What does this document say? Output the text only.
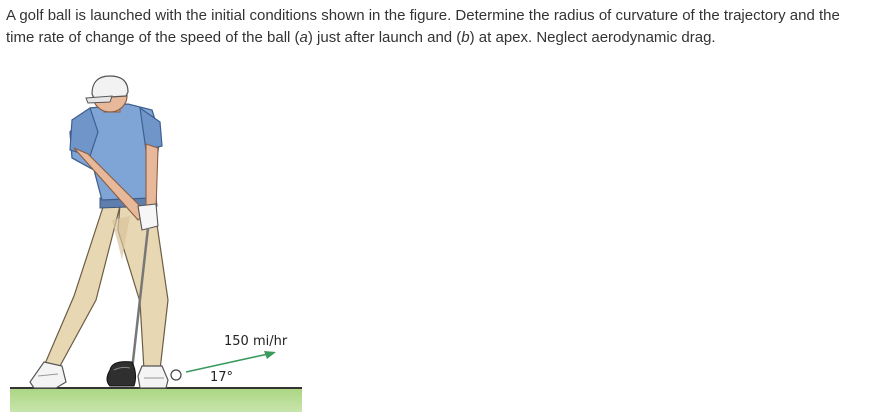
A golf ball is launched with the initial conditions shown in the figure. Determine the radius of curvature of the trajectory and the time rate of change of the speed of the ball (a) just after launch and (b) at apex. Neglect aerodynamic drag.

150 mi/hr
17°
